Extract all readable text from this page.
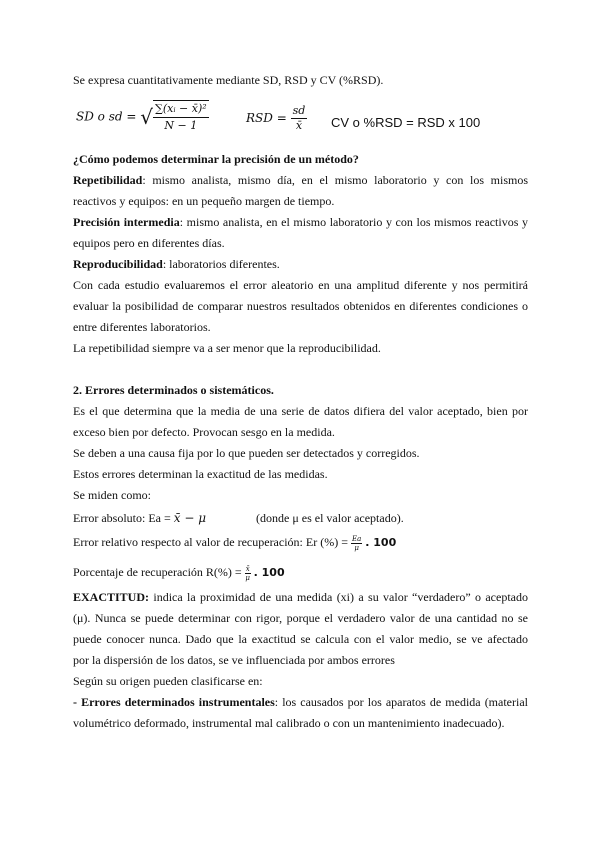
Se expresa cuantitativamente mediante SD, RSD y CV (%RSD).
SD o sd = √ $\frac{\text{∑(xᵢ − x̄)²}}{N - 1}$	RSD = $\frac{sd}{x̄}$ CV o %RSD = RSD x 100
¿Cómo podemos determinar la precisión de un método?
Repetibilidad: mismo analista, mismo día, en el mismo laboratorio y con los mismos
reactivos y equipos: en un pequeño margen de tiempo.
Precisión intermedia: mismo analista, en el mismo laboratorio y con los mismos reactivos y
equipos pero en diferentes días.
Reproducibilidad: laboratorios diferentes.
Con cada estudio evaluaremos el error aleatorio en una amplitud diferente y nos permitirá
evaluar la posibilidad de comparar nuestros resultados obtenidos en diferentes condiciones o
entre diferentes laboratorios.
La repetibilidad siempre va a ser menor que la reproducibilidad.
2. Errores determinados o sistemáticos.
Es el que determina que la media de una serie de datos difiera del valor aceptado, bien por
exceso bien por defecto. Provocan sesgo en la medida.
Se deben a una causa fija por lo que pueden ser detectados y corregidos.
Estos errores determinan la exactitud de las medidas.
Se miden como:
Error absoluto: Ea = x̄ − μ	(donde μ es el valor aceptado).
Error relativo respecto al valor de recuperación: Er (%) = $\frac{Ea}{\mu}$ . 100
Porcentaje de recuperación $R(\%) = \frac{x̄}{\mu}$ . 100
EXACTITUD: indica la proximidad de una medida (xi) a su valor “verdadero” o aceptado
(μ). Nunca se puede determinar con rigor, porque el verdadero valor de una cantidad no se
puede conocer nunca. Dado que la exactitud se calcula con el valor medio, se ve afectado
por la dispersión de los datos, se ve influenciada por ambos errores
Según su origen pueden clasificarse en:
- Errores determinados instrumentales: los causados por los aparatos de medida (material
volumétrico deformado, instrumental mal calibrado o con un mantenimiento inadecuado).
